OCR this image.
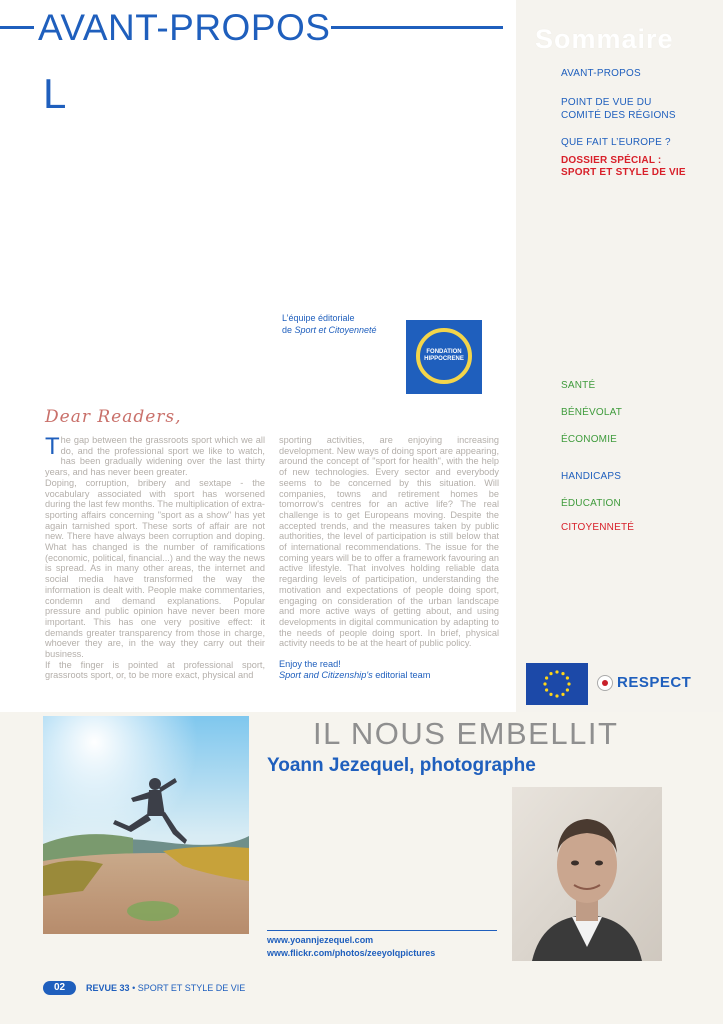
AVANT-PROPOS
L
Sommaire
AVANT-PROPOS
POINT DE VUE DU
COMITÉ DES RÉGIONS
QUE FAIT L’EUROPE ?
DOSSIER SPÉCIAL :
SPORT ET STYLE DE VIE
SANTÉ
BÉNÉVOLAT
ÉCONOMIE
HANDICAPS
ÉDUCATION
CITOYENNETÉ
L’équipe éditoriale
de Sport et Citoyenneté
FONDATION
HIPPOCRENE
Dear Readers,

The gap between the grassroots sport which we all do, and the professional sport we like to watch, has been gradually widening over the last thirty years, and has never been greater.

Doping, corruption, bribery and sextape - the vocabulary associated with sport has worsened during the last few months. The multiplication of extra-sporting affairs concerning "sport as a show" has yet again tarnished sport. These sorts of affair are not new. There have always been corruption and doping. What has changed is the number of ramifications (economic, political, financial...) and the way the news is spread. As in many other areas, the internet and social media have transformed the way the information is dealt with. People make commentaries, condemn and demand explanations. Popular pressure and public opinion have never been more important. This has one very positive effect: it demands greater transparency from those in charge, whoever they are, in the way they carry out their business.

If the finger is pointed at professional sport, grassroots sport, or, to be more exact, physical and

sporting activities, are enjoying increasing development. New ways of doing sport are appearing, around the concept of "sport for health", with the help of new technologies. Every sector and everybody seems to be concerned by this situation. Will companies, towns and retirement homes be tomorrow's centres for an active life? The real challenge is to get Europeans moving. Despite the accepted trends, and the measures taken by public authorities, the level of participation is still below that of international recommendations. The issue for the coming years will be to offer a framework favouring an active lifestyle. That involves holding reliable data regarding levels of participation, understanding the motivation and expectations of people doing sport, engaging on consideration of the urban landscape and more active ways of getting about, and using developments in digital communication by adapting to the needs of people doing sport. In brief, physical activity needs to be at the heart of public policy.

Enjoy the read!

Sport and Citizenship's editorial team	RESPECT
IL NOUS EMBELLIT
Yoann Jezequel, photographe
www.yoannjezequel.com
www.flickr.com/photos/zeeyolqpictures
02	REVUE 33 • SPORT ET STYLE DE VIE
